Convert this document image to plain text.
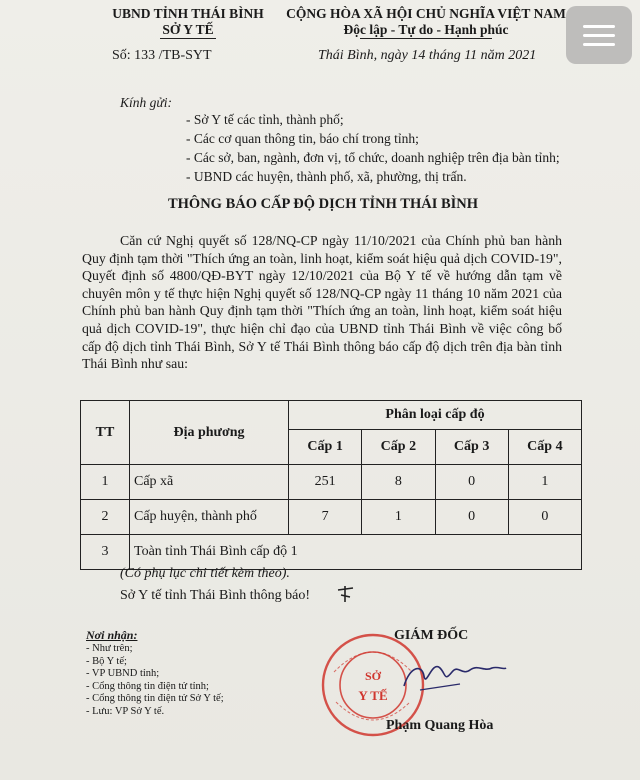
UBND TỈNH THÁI BÌNH
SỞ Y TẾ
Số: 133 /TB-SYT
CỘNG HÒA XÃ HỘI CHỦ NGHĨA VIỆT NAM
Độc lập - Tự do - Hạnh phúc
Thái Bình, ngày 14 tháng 11 năm 2021
Kính gửi:
- Sở Y tế các tỉnh, thành phố;
- Các cơ quan thông tin, báo chí trong tỉnh;
- Các sở, ban, ngành, đơn vị, tổ chức, doanh nghiệp trên địa bàn tỉnh;
- UBND các huyện, thành phố, xã, phường, thị trấn.
THÔNG BÁO CẤP ĐỘ DỊCH TỈNH THÁI BÌNH
Căn cứ Nghị quyết số 128/NQ-CP ngày 11/10/2021 của Chính phủ ban hành Quy định tạm thời "Thích ứng an toàn, linh hoạt, kiểm soát hiệu quả dịch COVID-19", Quyết định số 4800/QĐ-BYT ngày 12/10/2021 của Bộ Y tế về hướng dẫn tạm về chuyên môn y tế thực hiện Nghị quyết số 128/NQ-CP ngày 11 tháng 10 năm 2021 của Chính phủ ban hành Quy định tạm thời "Thích ứng an toàn, linh hoạt, kiểm soát hiệu quả dịch COVID-19", thực hiện chỉ đạo của UBND tỉnh Thái Bình về việc công bố cấp độ dịch tỉnh Thái Bình, Sở Y tế Thái Bình thông báo cấp độ dịch trên địa bàn tỉnh Thái Bình như sau:
TT	Địa phương	Phân loại cấp độ			
		Cấp 1	Cấp 2	Cấp 3	Cấp 4
1	Cấp xã	251	8	0	1
2	Cấp huyện, thành phố	7	1	0	0
3	Toàn tỉnh Thái Bình cấp độ 1				
(Có phụ lục chi tiết kèm theo).
Sở Y tế tỉnh Thái Bình thông báo!
Nơi nhận:
- Như trên;
- Bộ Y tế;
- VP UBND tỉnh;
- Cổng thông tin điện tử tỉnh;
- Cổng thông tin điện tử Sở Y tế;
- Lưu: VP Sở Y tế.
SỞ
Y TẾ
GIÁM ĐỐC
Phạm Quang Hòa
